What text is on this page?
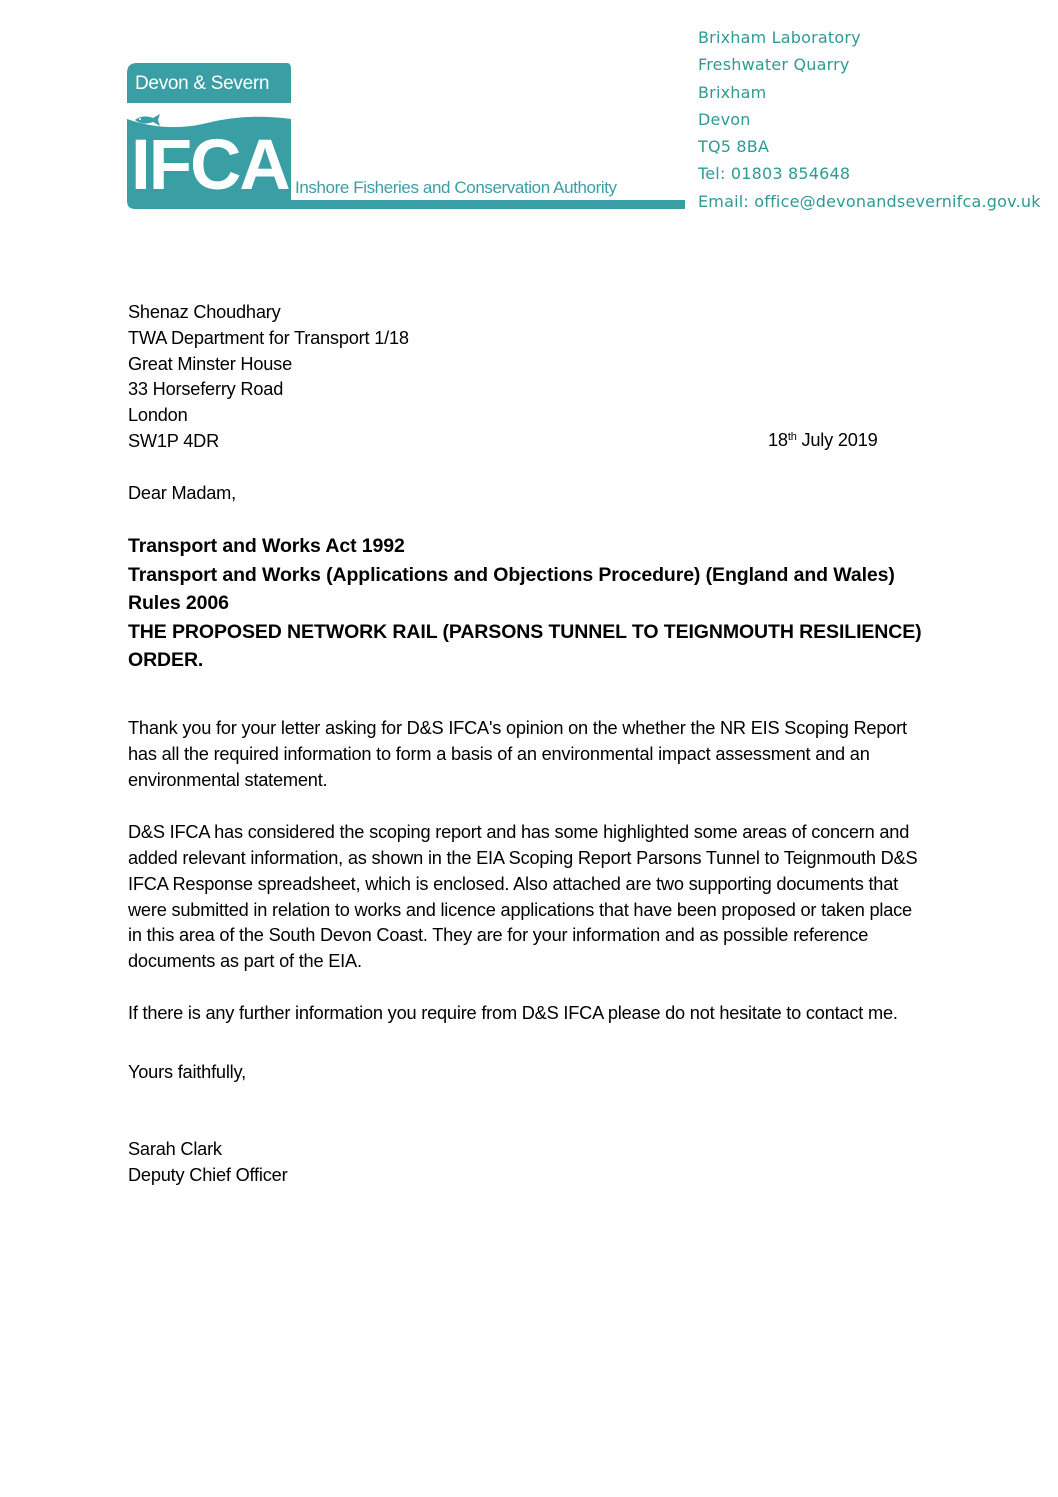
Devon & Severn
IFCA Inshore Fisheries and Conservation Authority
Brixham Laboratory
Freshwater Quarry
Brixham
Devon
TQ5 8BA
Tel: 01803 854648
Email: office@devonandsevernifca.gov.uk
Shenaz Choudhary
TWA Department for Transport 1/18
Great Minster House
33 Horseferry Road
London
SW1P 4DR	18th July 2019
Dear Madam,
Transport and Works Act 1992
Transport and Works (Applications and Objections Procedure) (England and Wales) Rules 2006
THE PROPOSED NETWORK RAIL (PARSONS TUNNEL TO TEIGNMOUTH RESILIENCE) ORDER.

Thank you for your letter asking for D&S IFCA's opinion on the whether the NR EIS Scoping Report has all the required information to form a basis of an environmental impact assessment and an environmental statement.

D&S IFCA has considered the scoping report and has some highlighted some areas of concern and added relevant information, as shown in the EIA Scoping Report Parsons Tunnel to Teignmouth D&S IFCA Response spreadsheet, which is enclosed. Also attached are two supporting documents that were submitted in relation to works and licence applications that have been proposed or taken place in this area of the South Devon Coast. They are for your information and as possible reference documents as part of the EIA.

If there is any further information you require from D&S IFCA please do not hesitate to contact me.

Yours faithfully,
Sarah Clark
Deputy Chief Officer
